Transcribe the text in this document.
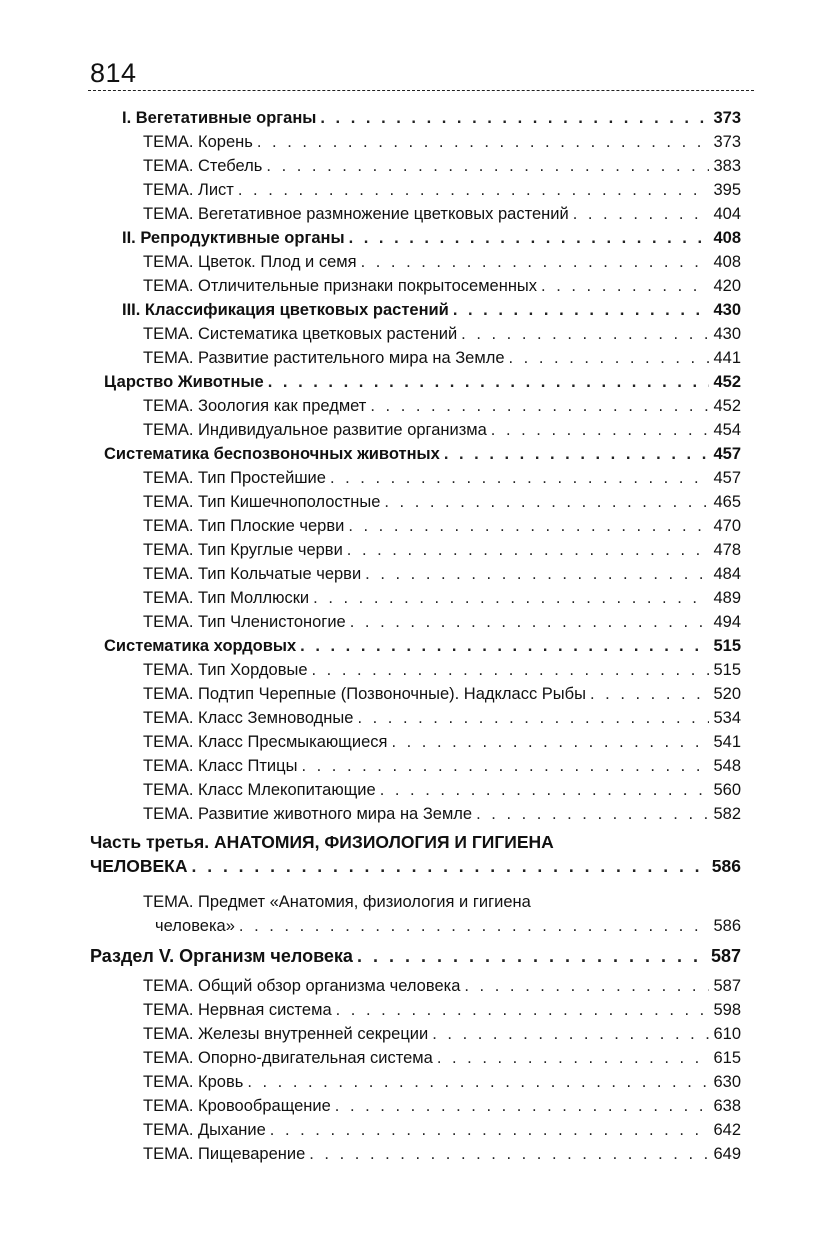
814
I. Вегетативные органы . . .	373
ТЕМА. Корень . . .	373
ТЕМА. Стебель . . .	383
ТЕМА. Лист . . .	395
ТЕМА. Вегетативное размножение цветковых растений . . .	404
II. Репродуктивные органы . . .	408
ТЕМА. Цветок. Плод и семя . . .	408
ТЕМА. Отличительные признаки покрытосеменных . . .	420
III. Классификация цветковых растений . . .	430
ТЕМА. Систематика цветковых растений . . .	430
ТЕМА. Развитие растительного мира на Земле . . .	441
Царство Животные . . .	452
ТЕМА. Зоология как предмет . . .	452
ТЕМА. Индивидуальное развитие организма . . .	454
Систематика беспозвоночных животных . . .	457
ТЕМА. Тип Простейшие . . .	457
ТЕМА. Тип Кишечнополостные . . .	465
ТЕМА. Тип Плоские черви . . .	470
ТЕМА. Тип Круглые черви . . .	478
ТЕМА. Тип Кольчатые черви . . .	484
ТЕМА. Тип Моллюски . . .	489
ТЕМА. Тип Членистоногие . . .	494
Систематика хордовых . . .	515
ТЕМА. Тип Хордовые . . .	515
ТЕМА. Подтип Черепные (Позвоночные). Надкласс Рыбы . . .	520
ТЕМА. Класс Земноводные . . .	534
ТЕМА. Класс Пресмыкающиеся . . .	541
ТЕМА. Класс Птицы . . .	548
ТЕМА. Класс Млекопитающие . . .	560
ТЕМА. Развитие животного мира на Земле . . .	582
Часть третья. АНАТОМИЯ, ФИЗИОЛОГИЯ И ГИГИЕНА
ЧЕЛОВЕКА . . .	586
ТЕМА. Предмет «Анатомия, физиология и гигиена
человека» . . .	586
Раздел V. Организм человека . . .	587
ТЕМА. Общий обзор организма человека . . .	587
ТЕМА. Нервная система . . .	598
ТЕМА. Железы внутренней секреции . . .	610
ТЕМА. Опорно-двигательная система . . .	615
ТЕМА. Кровь . . .	630
ТЕМА. Кровообращение . . .	638
ТЕМА. Дыхание . . .	642
ТЕМА. Пищеварение . . .	649
